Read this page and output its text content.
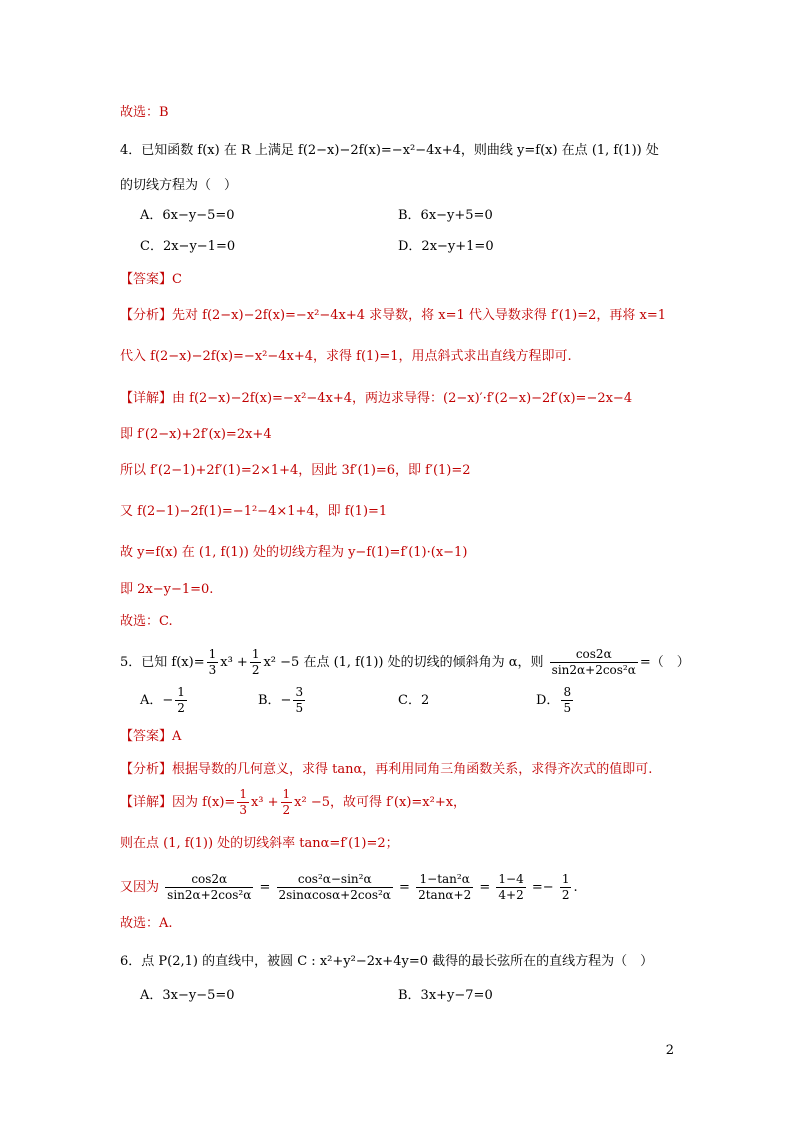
故选：B
4．已知函数 f(x) 在 R 上满足 f(2−x)−2f(x)=−x²−4x+4，则曲线 y=f(x) 在点 (1, f(1)) 处
的切线方程为（　）
A．6x−y−5=0	B．6x−y+5=0
C．2x−y−1=0	D．2x−y+1=0
【答案】C
【分析】先对 f(2−x)−2f(x)=−x²−4x+4 求导数，将 x=1 代入导数求得 f′(1)=2，再将 x=1
代入 f(2−x)−2f(x)=−x²−4x+4，求得 f(1)=1，用点斜式求出直线方程即可.
【详解】由 f(2−x)−2f(x)=−x²−4x+4，两边求导得：(2−x)′·f′(2−x)−2f′(x)=−2x−4
即 f′(2−x)+2f′(x)=2x+4
所以 f′(2−1)+2f′(1)=2×1+4，因此 3f′(1)=6，即 f′(1)=2
又 f(2−1)−2f(1)=−1²−4×1+4，即 f(1)=1
故 y=f(x) 在 (1, f(1)) 处的切线方程为 y−f(1)=f′(1)·(x−1)
即 2x−y−1=0.
故选：C.
5．已知 $f(x)= \frac{1}{3} x^3 + \frac{1}{2} x^2 -5$ 在点 (1, f(1)) 处的切线的倾斜角为 α，则 $\frac{\cos 2\alpha}{\text{sin2α+2cos²α}}$ =（　）
A．− $\frac{1}{2}$	B．− $\frac{3}{5}$	C．2	D． $\frac{8}{5}$
【答案】A
【分析】根据导数的几何意义，求得 tanα，再利用同角三角函数关系，求得齐次式的值即可.
【详解】因为 $f(x)= \frac{1}{3} x^3 + \frac{1}{2} x^2 -5$，故可得 f′(x)=x²+x，
则在点 (1, f(1)) 处的切线斜率 tanα=f′(1)=2；
又因为 $\frac{\cos 2\alpha}{\text{sin2α+2cos²α}} = \frac{\text{cos²α−sin²α}}{\text{2sinαcosα+2cos²α}} = \frac{\text{1−tan²α}}{2\tan\alpha+2} = \frac{1-4}{4+2} =- \frac{1}{2}$ .
故选：A.
6．点 P(2,1) 的直线中，被圆 C : x²+y²−2x+4y=0 截得的最长弦所在的直线方程为（　）
A．3x−y−5=0	B．3x+y−7=0
2
